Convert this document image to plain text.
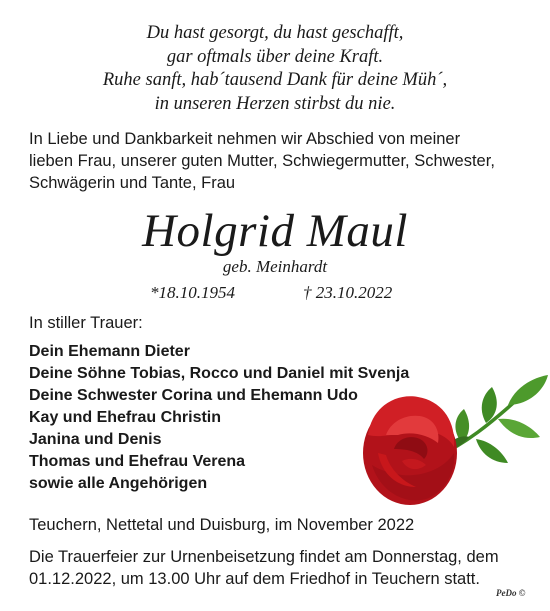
Du hast gesorgt, du hast geschafft,
gar oftmals über deine Kraft.
Ruhe sanft, hab´tausend Dank für deine Müh´,
in unseren Herzen stirbst du nie.
In Liebe und Dankbarkeit nehmen wir Abschied von meiner
lieben Frau, unserer guten Mutter, Schwiegermutter, Schwester,
Schwägerin und Tante, Frau
Holgrid Maul
geb. Meinhardt
*18.10.1954	† 23.10.2022
In stiller Trauer:
Dein Ehemann Dieter
Deine Söhne Tobias, Rocco und Daniel mit Svenja
Deine Schwester Corina und Ehemann Udo
Kay und Ehefrau Christin
Janina und Denis
Thomas und Ehefrau Verena
sowie alle Angehörigen
Teuchern, Nettetal und Duisburg, im November 2022
Die Trauerfeier zur Urnenbeisetzung findet am Donnerstag, dem
01.12.2022, um 13.00 Uhr auf dem Friedhof in Teuchern statt.
PeDo ©
